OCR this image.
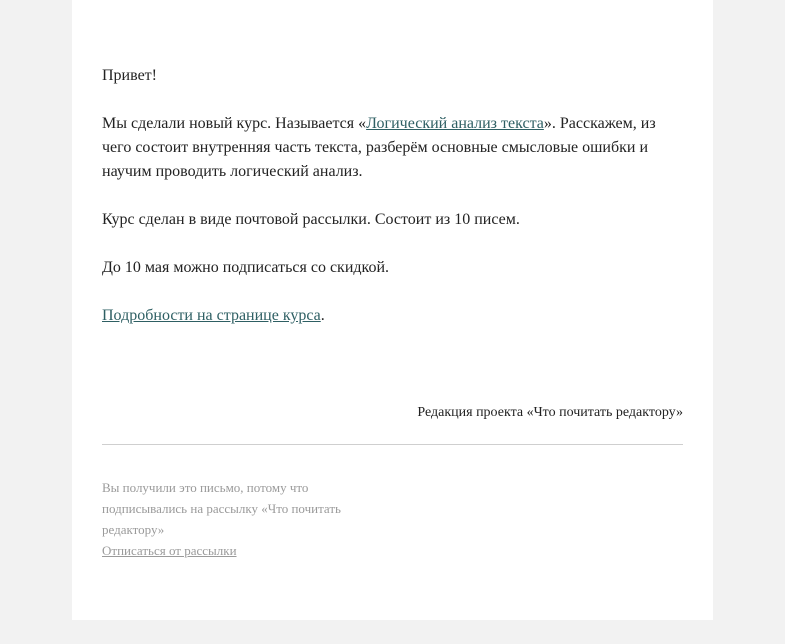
Привет!

Мы сделали новый курс. Называется «Логический анализ текста». Расскажем, из чего состоит внутренняя часть текста, разберём основные смысловые ошибки и научим проводить логический анализ.

Курс сделан в виде почтовой рассылки. Состоит из 10 писем.

До 10 мая можно подписаться со скидкой.

Подробности на странице курса.

Редакция проекта «Что почитать редактору»
Вы получили это письмо, потому что подписывались на рассылку «Что почитать редактору»
Отписаться от рассылки
